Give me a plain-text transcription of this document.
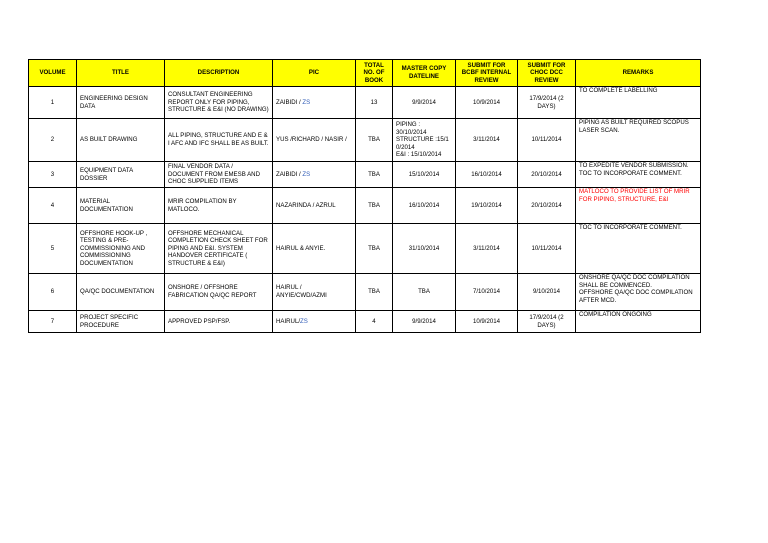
VOLUME	TITLE	DESCRIPTION	PIC	TOTAL NO. OF BOOK	MASTER COPY DATELINE	SUBMIT FOR BCBF INTERNAL REVIEW	SUBMIT FOR CHOC DCC REVIEW	REMARKS
1	ENGINEERING DESIGN DATA	CONSULTANT ENGINEERING REPORT ONLY FOR PIPING, STRUCTURE & E&I (NO DRAWING)	ZAIBIDI / ZS	13	9/9/2014	10/9/2014	17/9/2014 (2 DAYS)	TO COMPLETE LABELLING
2	AS BUILT DRAWING	ALL PIPING, STRUCTURE AND E & I AFC AND IFC SHALL BE AS BUILT.	YUS /RICHARD / NASIR /	TBA	PIPING :
30/10/2014
STRUCTURE :15/1
0/2014
E&I : 15/10/2014	3/11/2014	10/11/2014	PIPING AS BUILT REQUIRED SCOPUS LASER SCAN.
3	EQUIPMENT DATA DOSSIER	FINAL VENDOR DATA / DOCUMENT FROM EMESB AND CHOC SUPPLIED ITEMS	ZAIBIDI / ZS	TBA	15/10/2014	16/10/2014	20/10/2014	TO EXPEDITE VENDOR SUBMISSION. TOC TO INCORPORATE COMMENT.
4	MATERIAL DOCUMENTATION	MRIR COMPILATION BY MATLOCO.	NAZARINDA / AZRUL	TBA	16/10/2014	19/10/2014	20/10/2014	MATLOCO TO PROVIDE LIST OF MRIR FOR PIPING, STRUCTURE, E&I
5	OFFSHORE HOOK-UP , TESTING & PRE-COMMISSIONING AND COMMISSIONING DOCUMENTATION	OFFSHORE MECHANICAL COMPLETION CHECK SHEET FOR PIPING AND E&I. SYSTEM HANDOVER CERTIFICATE ( STRUCTURE & E&I)	HAIRUL & ANYIE.	TBA	31/10/2014	3/11/2014	10/11/2014	TOC TO INCORPORATE COMMENT.
6	QA/QC DOCUMENTATION	ONSHORE / OFFSHORE FABRICATION QA/QC REPORT	HAIRUL / ANYIE/CWD/AZMI	TBA	TBA	7/10/2014	9/10/2014	ONSHORE QA/QC DOC COMPILATION SHALL BE COMMENCED.
OFFSHORE QA/QC DOC COMPILATION AFTER MCD.

7	PROJECT SPECIFIC PROCEDURE	APPROVED PSP/FSP.	HAIRUL/ZS	4	9/9/2014	10/9/2014	17/9/2014 (2 DAYS)	COMPILATION ONGOING
